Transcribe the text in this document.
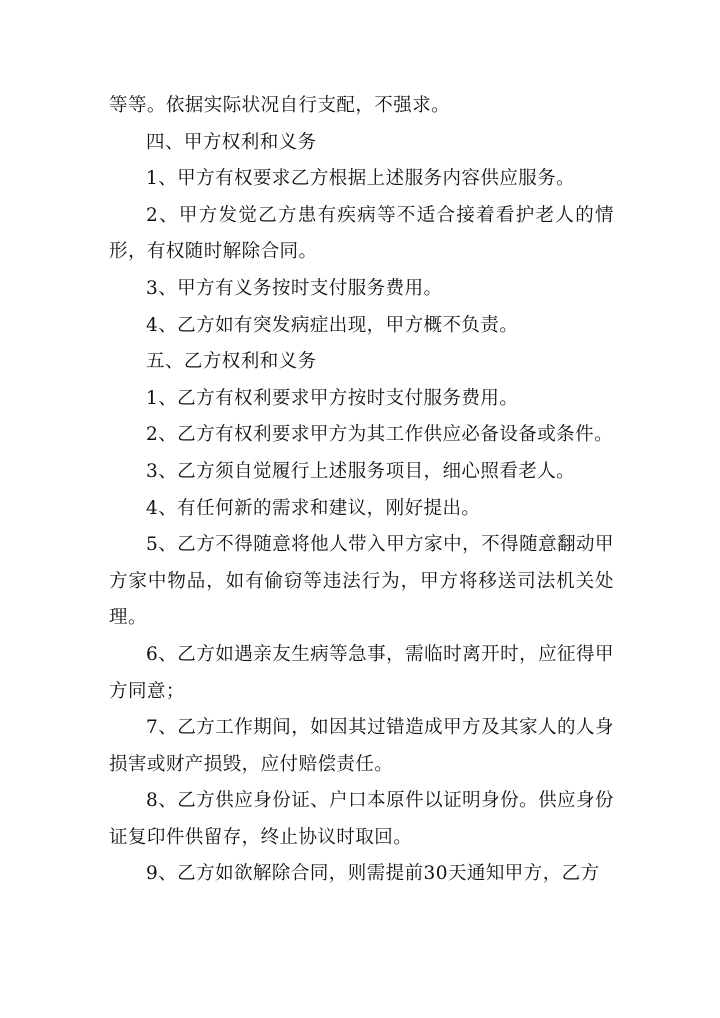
等等。依据实际状况自行支配，不强求。

四、甲方权利和义务

1、甲方有权要求乙方根据上述服务内容供应服务。

2、甲方发觉乙方患有疾病等不适合接着看护老人的情形，有权随时解除合同。

3、甲方有义务按时支付服务费用。

4、乙方如有突发病症出现，甲方概不负责。

五、乙方权利和义务

1、乙方有权利要求甲方按时支付服务费用。

2、乙方有权利要求甲方为其工作供应必备设备或条件。

3、乙方须自觉履行上述服务项目，细心照看老人。

4、有任何新的需求和建议，刚好提出。

5、乙方不得随意将他人带入甲方家中，不得随意翻动甲方家中物品，如有偷窃等违法行为，甲方将移送司法机关处理。

6、乙方如遇亲友生病等急事，需临时离开时，应征得甲方同意；

7、乙方工作期间，如因其过错造成甲方及其家人的人身损害或财产损毁，应付赔偿责任。

8、乙方供应身份证、户口本原件以证明身份。供应身份证复印件供留存，终止协议时取回。

9、乙方如欲解除合同，则需提前30天通知甲方，乙方
